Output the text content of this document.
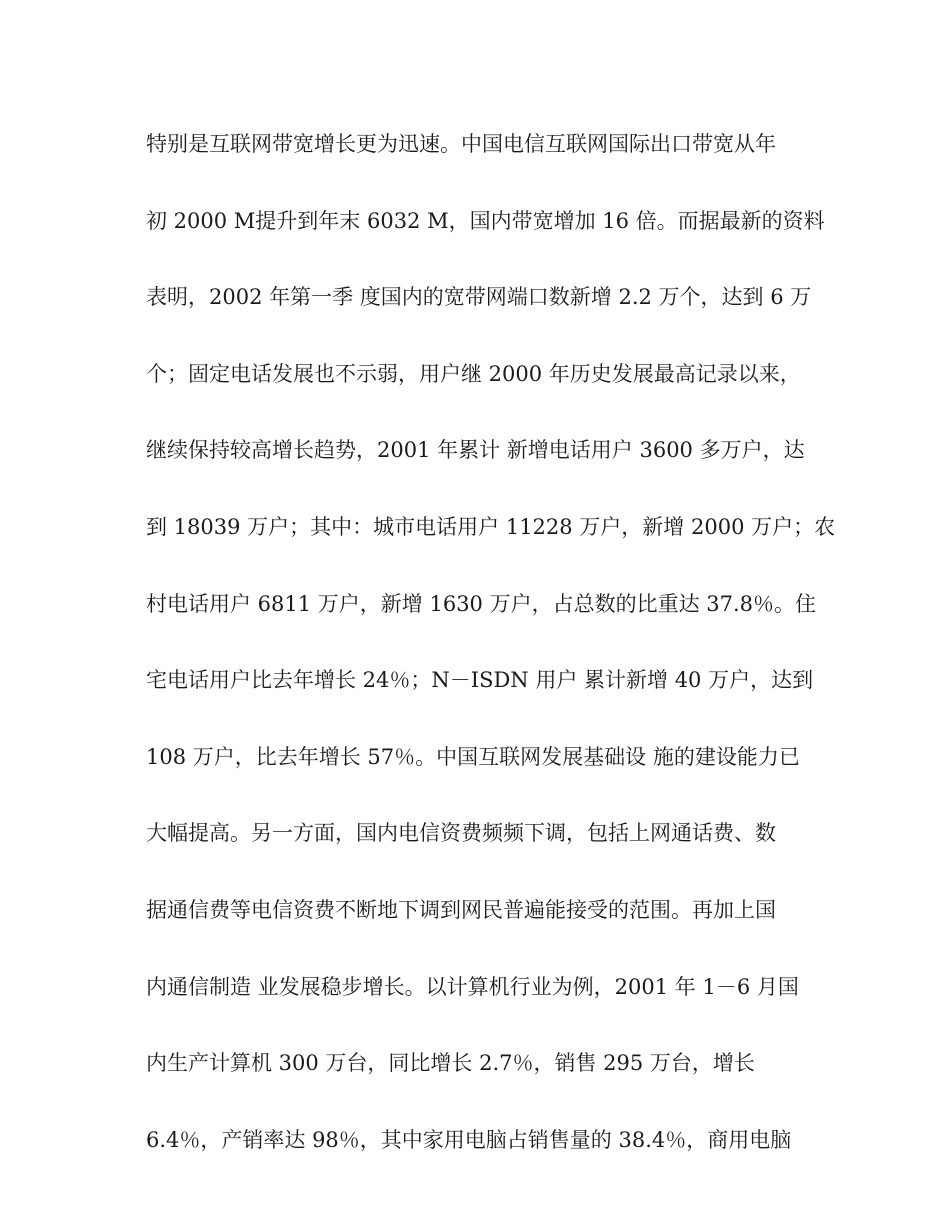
特别是互联网带宽增长更为迅速。中国电信互联网国际出口带宽从年
初 2000 M提升到年末 6032 M，国内带宽增加 16 倍。而据最新的资料
表明，2002 年第一季 度国内的宽带网端口数新增 2.2 万个，达到 6 万
个；固定电话发展也不示弱，用户继 2000 年历史发展最高记录以来，
继续保持较高增长趋势，2001 年累计 新增电话用户 3600 多万户，达
到 18039 万户；其中：城市电话用户 11228 万户，新增 2000 万户；农
村电话用户 6811 万户，新增 1630 万户，占总数的比重达 37.8％。住
宅电话用户比去年增长 24％；N－ISDN 用户 累计新增 40 万户，达到
108 万户，比去年增长 57％。中国互联网发展基础设 施的建设能力已
大幅提高。另一方面，国内电信资费频频下调，包括上网通话费、数
据通信费等电信资费不断地下调到网民普遍能接受的范围。再加上国
内通信制造 业发展稳步增长。以计算机行业为例，2001 年 1－6 月国
内生产计算机 300 万台，同比增长 2.7％，销售 295 万台，增长
6.4％，产销率达 98％，其中家用电脑占销售量的 38.4％，商用电脑
